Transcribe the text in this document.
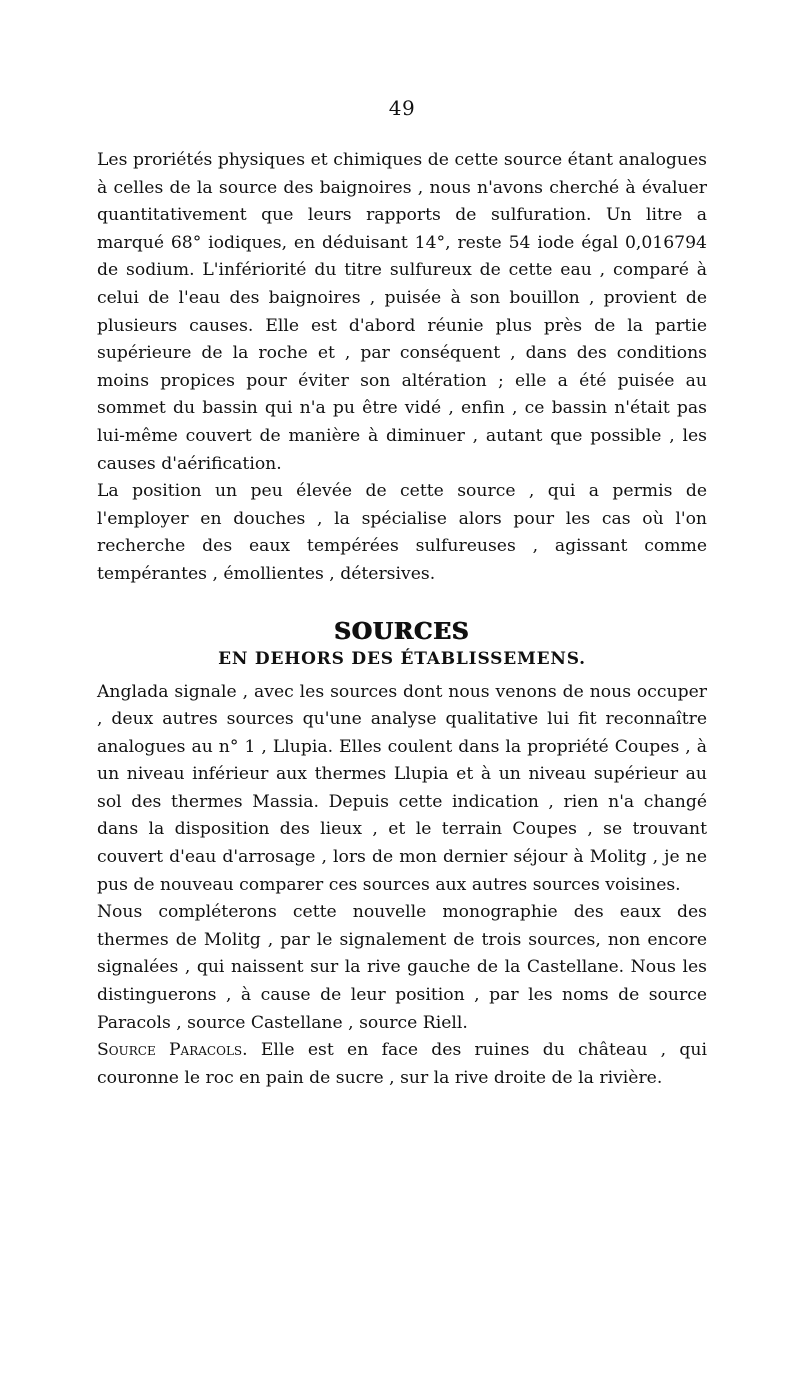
49

Les proriétés physiques et chimiques de cette source étant analogues à celles de la source des baignoires , nous n'avons cherché à évaluer quantitativement que leurs rapports de sulfuration. Un litre a marqué 68° iodiques, en déduisant 14°, reste 54 iode égal 0,016794 de sodium. L'infériorité du titre sulfureux de cette eau , comparé à celui de l'eau des baignoires , puisée à son bouillon , provient de plusieurs causes. Elle est d'abord réunie plus près de la partie supérieure de la roche et , par conséquent , dans des conditions moins propices pour éviter son altération ; elle a été puisée au sommet du bassin qui n'a pu être vidé , enfin , ce bassin n'était pas lui-même couvert de manière à diminuer , autant que possible , les causes d'aérification.

La position un peu élevée de cette source , qui a permis de l'employer en douches , la spécialise alors pour les cas où l'on recherche des eaux tempérées sulfureuses , agissant comme tempérantes , émollientes , détersives.

SOURCES
EN DEHORS DES ÉTABLISSEMENS.

Anglada signale , avec les sources dont nous venons de nous occuper , deux autres sources qu'une analyse qualitative lui fit reconnaître analogues au n° 1 , Llupia. Elles coulent dans la propriété Coupes , à un niveau inférieur aux thermes Llupia et à un niveau supérieur au sol des thermes Massia. Depuis cette indication , rien n'a changé dans la disposition des lieux , et le terrain Coupes , se trouvant couvert d'eau d'arrosage , lors de mon dernier séjour à Molitg , je ne pus de nouveau comparer ces sources aux autres sources voisines.

Nous compléterons cette nouvelle monographie des eaux des thermes de Molitg , par le signalement de trois sources, non encore signalées , qui naissent sur la rive gauche de la Castellane. Nous les distinguerons , à cause de leur position , par les noms de source Paracols , source Castellane , source Riell.

Source Paracols. Elle est en face des ruines du château , qui couronne le roc en pain de sucre , sur la rive droite de la rivière.
